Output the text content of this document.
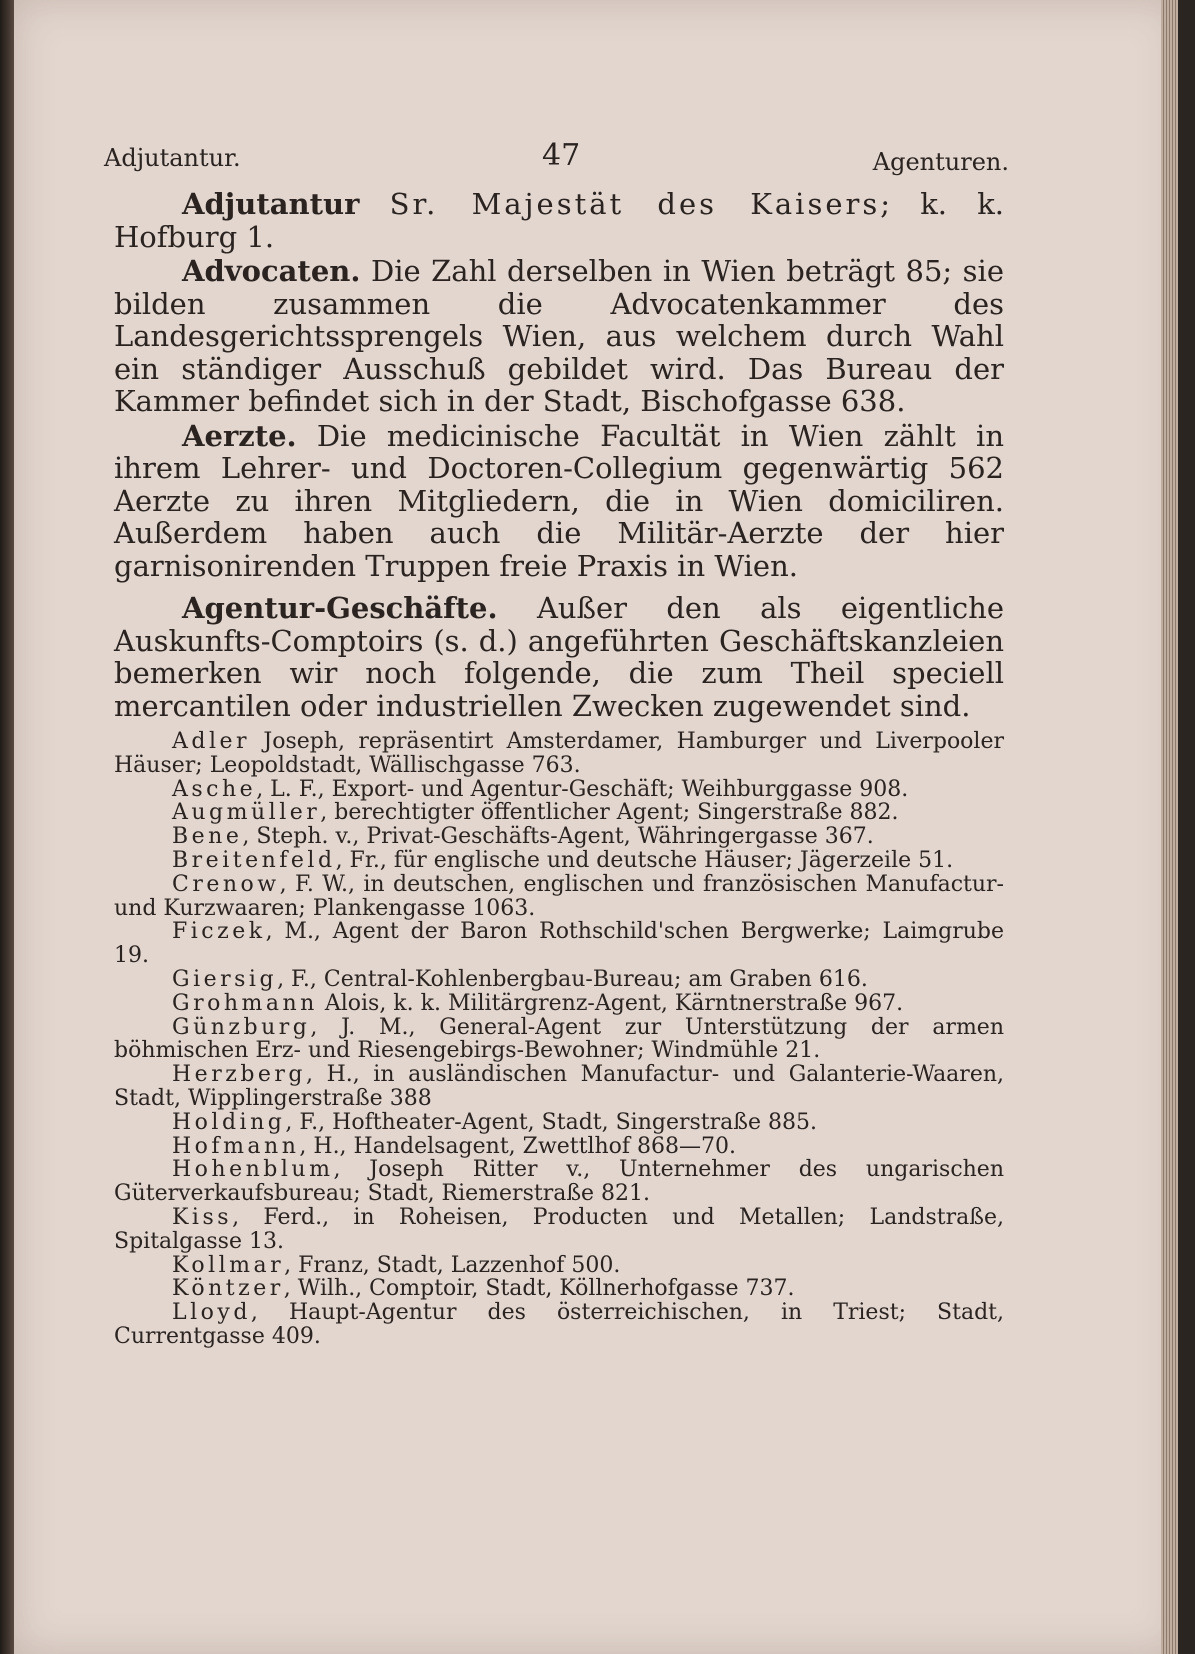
Adjutantur.	47	Agenturen.

Adjutantur Sr. Majestät des Kaisers; k. k. Hofburg 1.

Advocaten. Die Zahl derselben in Wien beträgt 85; sie bilden zusammen die Advocatenkammer des Landesgerichtssprengels Wien, aus welchem durch Wahl ein ständiger Ausschuß gebildet wird. Das Bureau der Kammer befindet sich in der Stadt, Bischofgasse 638.

Aerzte. Die medicinische Facultät in Wien zählt in ihrem Lehrer- und Doctoren-Collegium gegenwärtig 562 Aerzte zu ihren Mitgliedern, die in Wien domiciliren. Außerdem haben auch die Militär-Aerzte der hier garnisonirenden Truppen freie Praxis in Wien.

Agentur-Geschäfte. Außer den als eigentliche Auskunfts-Comptoirs (s. d.) angeführten Geschäftskanzleien bemerken wir noch folgende, die zum Theil speciell mercantilen oder industriellen Zwecken zugewendet sind.

Adler Joseph, repräsentirt Amsterdamer, Hamburger und Liverpooler Häuser; Leopoldstadt, Wällischgasse 763.

Asche, L. F., Export- und Agentur-Geschäft; Weihburggasse 908.

Augmüller, berechtigter öffentlicher Agent; Singerstraße 882.

Bene, Steph. v., Privat-Geschäfts-Agent, Währingergasse 367.

Breitenfeld, Fr., für englische und deutsche Häuser; Jägerzeile 51.

Crenow, F. W., in deutschen, englischen und französischen Manufactur- und Kurzwaaren; Plankengasse 1063.

Ficzek, M., Agent der Baron Rothschild'schen Bergwerke; Laimgrube 19.

Giersig, F., Central-Kohlenbergbau-Bureau; am Graben 616.

Grohmann Alois, k. k. Militärgrenz-Agent, Kärntnerstraße 967.

Günzburg, J. M., General-Agent zur Unterstützung der armen böhmischen Erz- und Riesengebirgs-Bewohner; Windmühle 21.

Herzberg, H., in ausländischen Manufactur- und Galanterie-Waaren, Stadt, Wipplingerstraße 388

Holding, F., Hoftheater-Agent, Stadt, Singerstraße 885.

Hofmann, H., Handelsagent, Zwettlhof 868—70.

Hohenblum, Joseph Ritter v., Unternehmer des ungarischen Güterverkaufsbureau; Stadt, Riemerstraße 821.

Kiss, Ferd., in Roheisen, Producten und Metallen; Landstraße, Spitalgasse 13.

Kollmar, Franz, Stadt, Lazzenhof 500.

Köntzer, Wilh., Comptoir, Stadt, Köllnerhofgasse 737.

Lloyd, Haupt-Agentur des österreichischen, in Triest; Stadt, Currentgasse 409.
